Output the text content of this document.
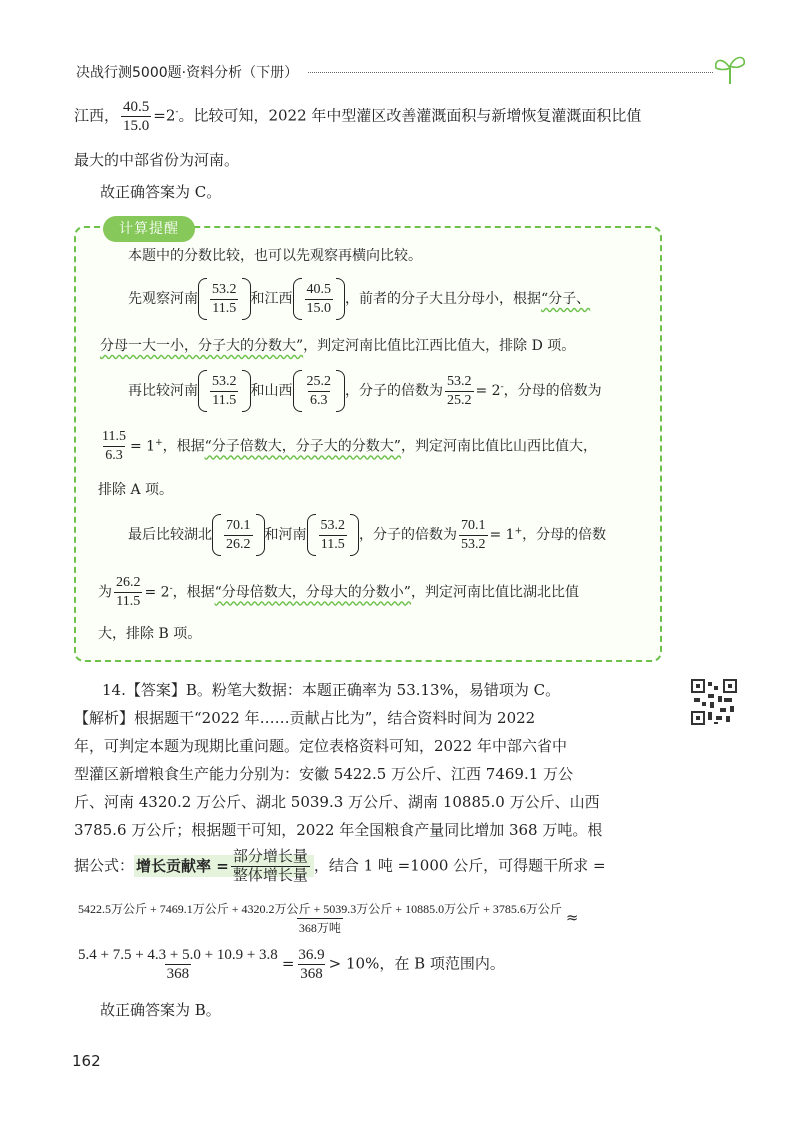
决战行测5000题·资料分析（下册）
江西， $\frac{40.5}{15.0} =2^-$。比较可知，2022 年中型灌区改善灌溉面积与新增恢复灌溉面积比值
最大的中部省份为河南。
故正确答案为 C。
计算提醒
本题中的分数比较，也可以先观察再横向比较。
先观察河南 $\frac{53.2}{11.5}$ 和江西 $\frac{40.5}{15.0}$ ，前者的分子大且分母小，根据“分子、
分母一大一小，分子大的分数大”，判定河南比值比江西比值大，排除 D 项。
再比较河南 $\frac{53.2}{11.5}$ 和山西 $\frac{25.2}{6.3}$ ，分子的倍数为 $\frac{53.2}{25.2} = 2^-$，分母的倍数为
$\frac{11.5}{6.3} = 1^+$，根据“分子倍数大，分子大的分数大”，判定河南比值比山西比值大，
排除 A 项。
最后比较湖北 $\frac{70.1}{26.2}$ 和河南 $\frac{53.2}{11.5}$ ，分子的倍数为 $\frac{70.1}{53.2} = 1^+$，分母的倍数
为 $\frac{26.2}{11.5} = 2^-$，根据“分母倍数大，分母大的分数小”，判定河南比值比湖北比值
大，排除 B 项。
14.【答案】B。粉笔大数据：本题正确率为 53.13%，易错项为 C。
【解析】根据题干“2022 年……贡献占比为”，结合资料时间为 2022
年，可判定本题为现期比重问题。定位表格资料可知，2022 年中部六省中
型灌区新增粮食生产能力分别为：安徽 5422.5 万公斤、江西 7469.1 万公
斤、河南 4320.2 万公斤、湖北 5039.3 万公斤、湖南 10885.0 万公斤、山西
3785.6 万公斤；根据题干可知，2022 年全国粮食产量同比增加 368 万吨。根
据公式： 增长贡献率 = $\frac{\text{部分增长量}}{\text{整体增长量}}$ ，结合 1 吨 =1000 公斤，可得题干所求 =
5422.5万公斤 + 7469.1万公斤 + 4320.2万公斤 + 5039.3万公斤 + 10885.0万公斤 + 3785.6万公斤
368万吨
≈
$\frac{5.4 + 7.5 + 4.3 + 5.0 + 10.9 + 3.8}{368} = \frac{36.9}{368} > 10\%$，在 B 项范围内。
故正确答案为 B。
162
